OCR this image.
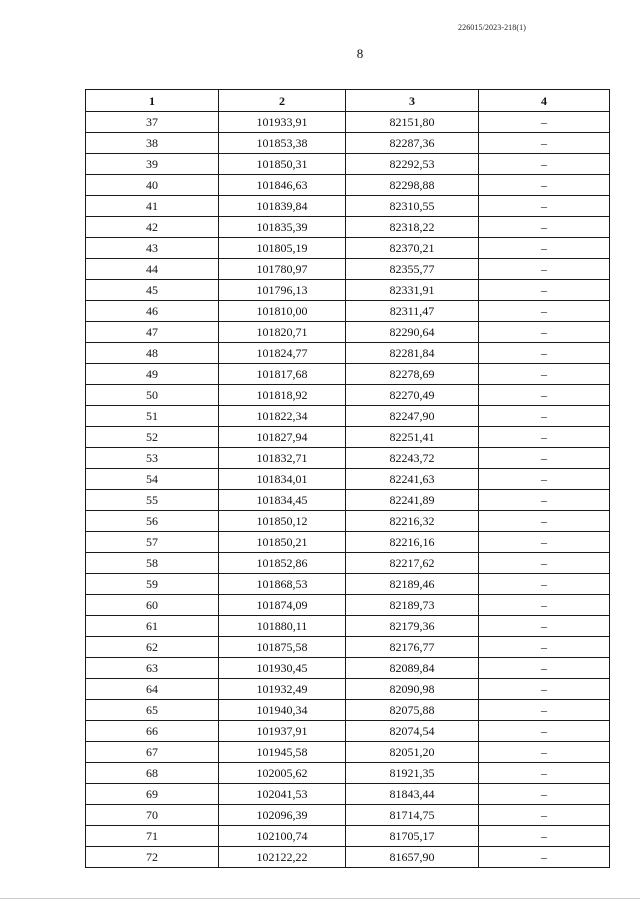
226015/2023-218(1)
8
1	2	3	4
37	101933,91	82151,80	–
38	101853,38	82287,36	–
39	101850,31	82292,53	–
40	101846,63	82298,88	–
41	101839,84	82310,55	–
42	101835,39	82318,22	–
43	101805,19	82370,21	–
44	101780,97	82355,77	–
45	101796,13	82331,91	–
46	101810,00	82311,47	–
47	101820,71	82290,64	–
48	101824,77	82281,84	–
49	101817,68	82278,69	–
50	101818,92	82270,49	–
51	101822,34	82247,90	–
52	101827,94	82251,41	–
53	101832,71	82243,72	–
54	101834,01	82241,63	–
55	101834,45	82241,89	–
56	101850,12	82216,32	–
57	101850,21	82216,16	–
58	101852,86	82217,62	–
59	101868,53	82189,46	–
60	101874,09	82189,73	–
61	101880,11	82179,36	–
62	101875,58	82176,77	–
63	101930,45	82089,84	–
64	101932,49	82090,98	–
65	101940,34	82075,88	–
66	101937,91	82074,54	–
67	101945,58	82051,20	–
68	102005,62	81921,35	–
69	102041,53	81843,44	–
70	102096,39	81714,75	–
71	102100,74	81705,17	–
72	102122,22	81657,90	–
